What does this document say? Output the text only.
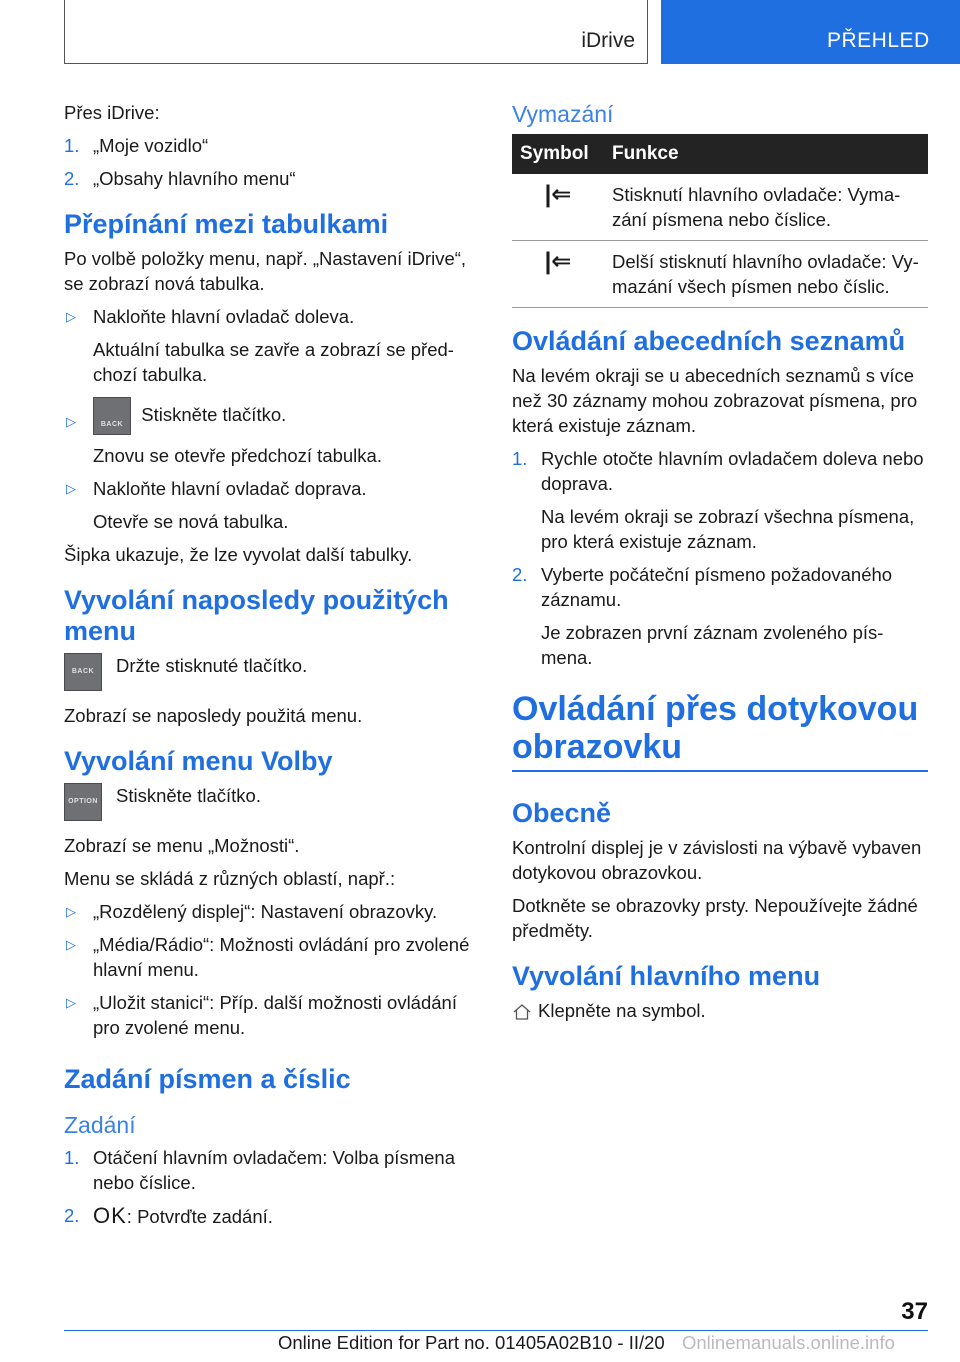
iDrive	PŘEHLED

Přes iDrive:

1. „Moje vozidlo“
2. „Obsahy hlavního menu“
Přepínání mezi tabulkami

Po volbě položky menu, např. „Nastavení iDrive“, se zobrazí nová tabulka.

▷ Nakloňte hlavní ovladač doleva.
Aktuální tabulka se zavře a zobrazí se předchozí tabulka.
▷	BACK Stiskněte tlačítko.
Znovu se otevře předchozí tabulka.
▷ Nakloňte hlavní ovladač doprava.
Otevře se nová tabulka.

Šipka ukazuje, že lze vyvolat další tabulky.

Vyvolání naposledy použitých menu
BACK	Držte stisknuté tlačítko.

Zobrazí se naposledy použitá menu.

Vyvolání menu Volby
OPTION Stiskněte tlačítko.

Zobrazí se menu „Možnosti“.

Menu se skládá z různých oblastí, např.:

▷ „Rozdělený displej“: Nastavení obrazovky.
▷ „Média/Rádio“: Možnosti ovládání pro zvolené hlavní menu.
▷ „Uložit stanici“: Příp. další možnosti ovládání pro zvolené menu.
Zadání písmen a číslic
Zadání
1. Otáčení hlavním ovladačem: Volba písmena nebo číslice.
2. OK: Potvrďte zadání.
Vymazání
Symbol	Funkce
|⇐	Stisknutí hlavního ovladače: Vymazání písmena nebo číslice.
|⇐	Delší stisknutí hlavního ovladače: Vymazání všech písmen nebo číslic.
Ovládání abecedních seznamů

Na levém okraji se u abecedních seznamů s více než 30 záznamy mohou zobrazovat písmena, pro která existuje záznam.

1. Rychle otočte hlavním ovladačem doleva nebo doprava.
Na levém okraji se zobrazí všechna písmena, pro která existuje záznam.
2. Vyberte počáteční písmeno požadovaného záznamu.
Je zobrazen první záznam zvoleného písmena.
Ovládání přes dotykovou obrazovku
Obecně

Kontrolní displej je v závislosti na výbavě vybaven dotykovou obrazovkou.

Dotkněte se obrazovky prsty. Nepoužívejte žádné předměty.

Vyvolání hlavního menu

Klepněte na symbol.

37
Online Edition for Part no. 01405A02B10 - II/20 Onlinemanuals.online.info
